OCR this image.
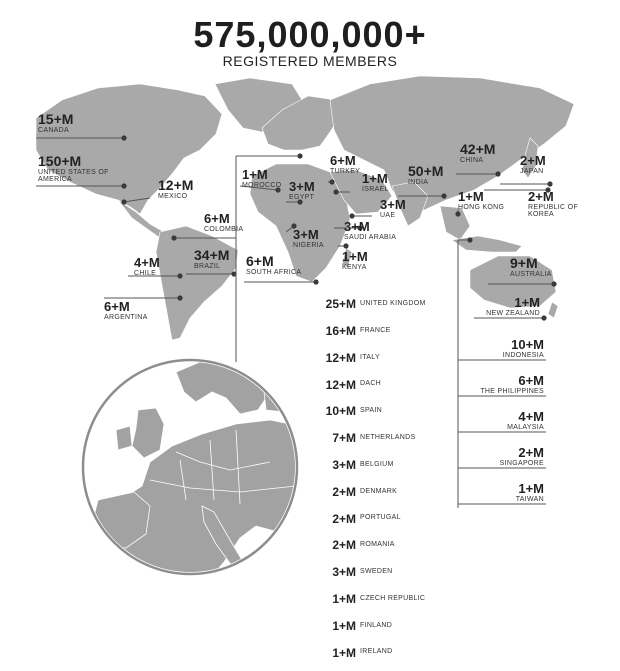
575,000,000+
REGISTERED MEMBERS
15+M
CANADA
150+M
UNITED STATES OF AMERICA	12+M
MEXICO
6+M
COLOMBIA
4+M
CHILE
34+M
BRAZIL
6+M
ARGENTINA
1+M
MOROCCO 3+M
EGYPT
6+M
TURKEY 1+M
ISRAEL
3+M
UAE
3+M
SAUDI ARABIA
3+M
NIGERIA
1+M
KENYA
6+M
SOUTH AFRICA
50+M
INDIA
42+M
CHINA	2+M
JAPAN
2+M
REPUBLIC OF KOREA
1+M
HONG KONG
9+M
AUSTRALIA
1+M
NEW ZEALAND
10+M
INDONESIA
6+M
THE PHILIPPINES
4+M
MALAYSIA
2+M
SINGAPORE
1+M
TAIWAN
25+M UNITED KINGDOM
16+M FRANCE
12+M ITALY
12+M DACH
10+M SPAIN
7+M NETHERLANDS
3+M BELGIUM
2+M DENMARK
2+M PORTUGAL
2+M ROMANIA
3+M SWEDEN
1+M CZECH REPUBLIC
1+M FINLAND
1+M IRELAND
